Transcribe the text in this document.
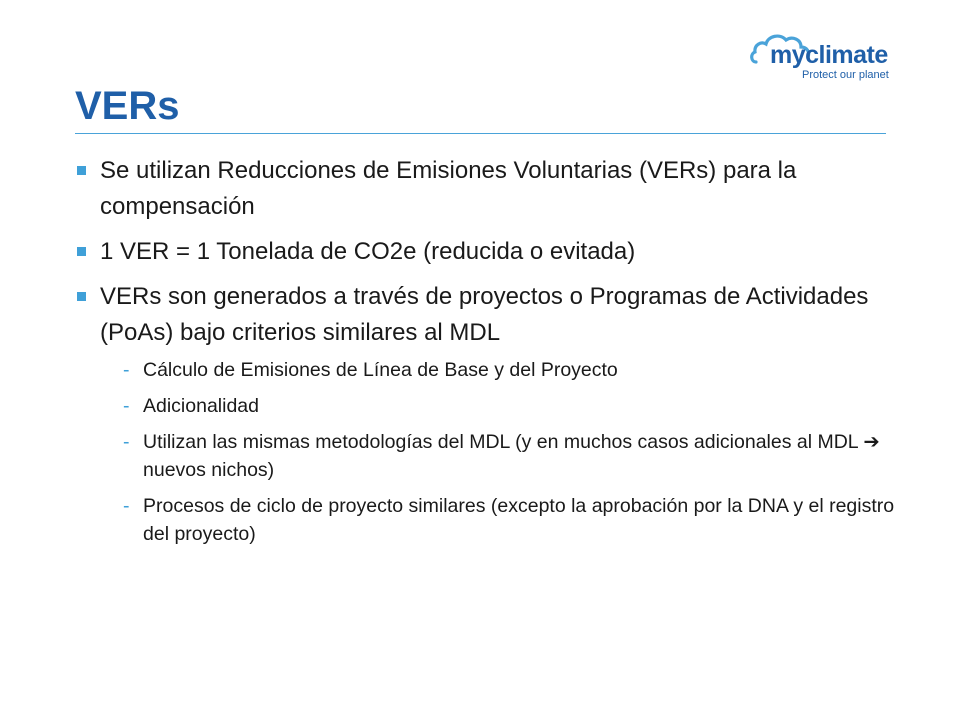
myclimate
Protect our planet
VERs
Se utilizan Reducciones de Emisiones Voluntarias (VERs) para la compensación
1 VER = 1 Tonelada de CO2e (reducida o evitada)
VERs son generados a través de proyectos o Programas de Actividades (PoAs) bajo criterios similares al MDL
- Cálculo de Emisiones de Línea de Base y del Proyecto
- Adicionalidad
- Utilizan las mismas metodologías del MDL (y en muchos casos adicionales al MDL ➔ nuevos nichos)
- Procesos de ciclo de proyecto similares (excepto la aprobación por la DNA y el registro del proyecto)
